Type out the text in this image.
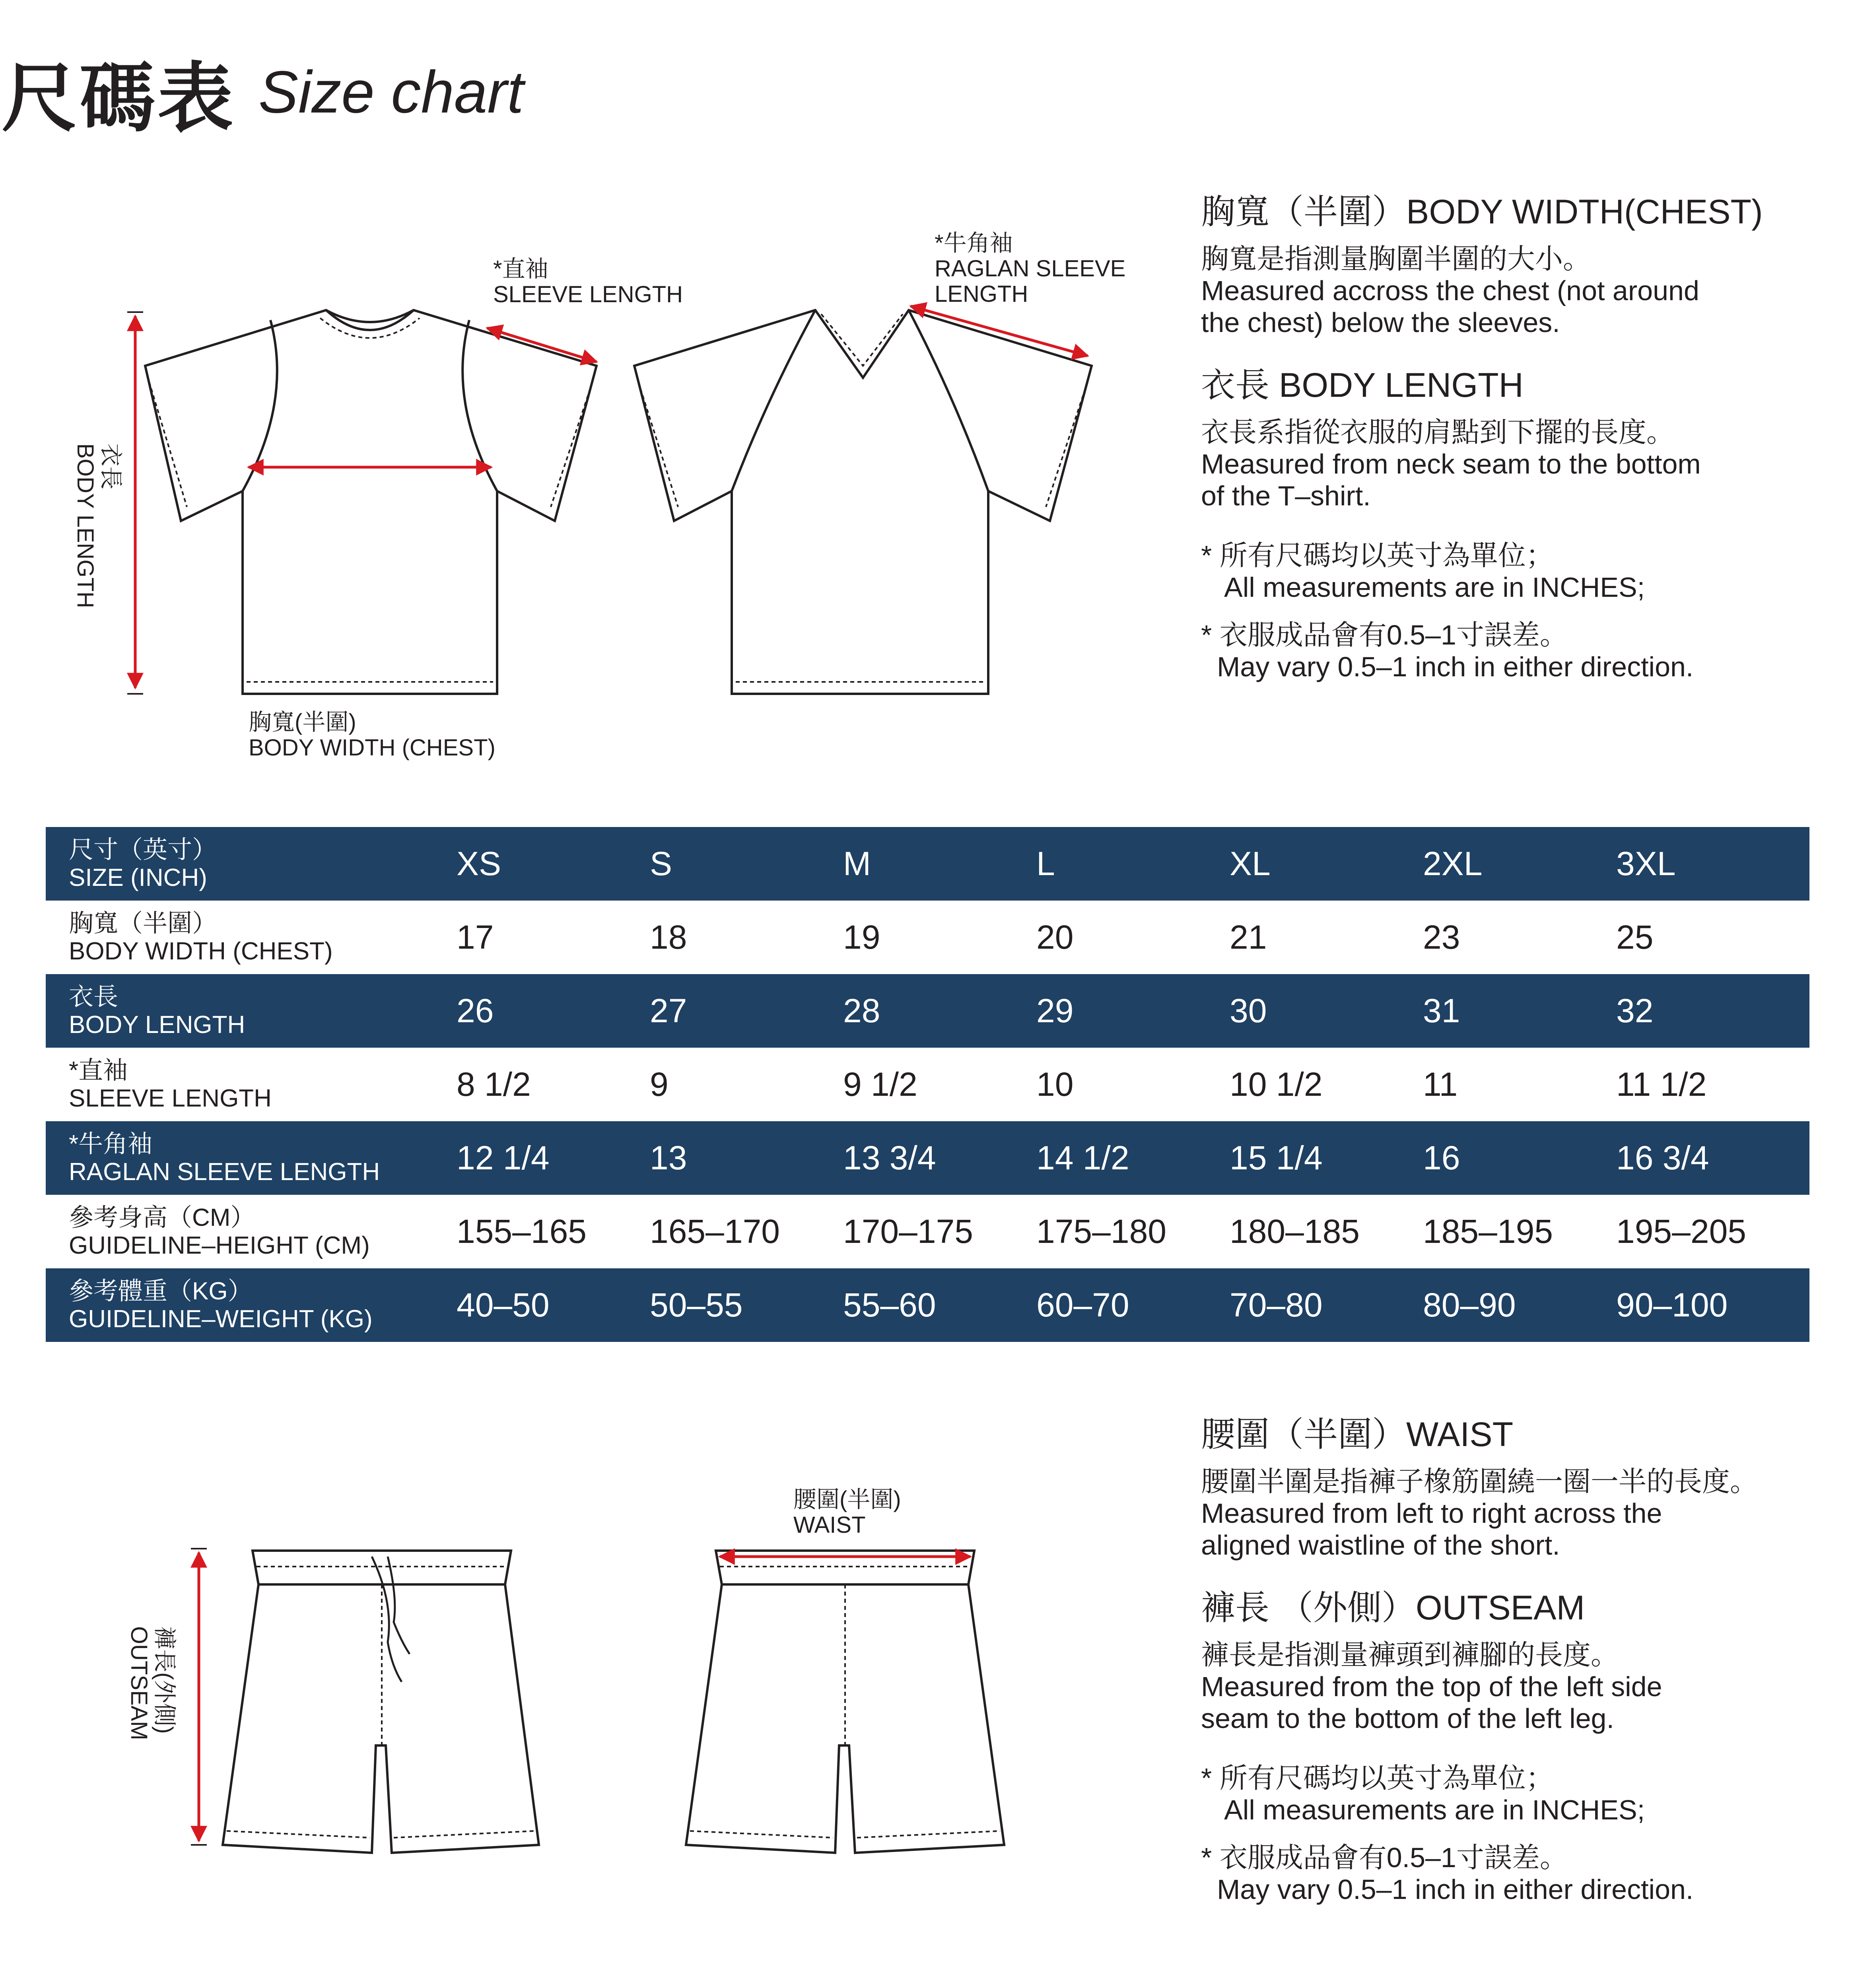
尺碼表 Size chart
*直袖
SLEEVE LENGTH
*牛角袖
RAGLAN SLEEVE
LENGTH
衣長
BODY LENGTH
胸寬(半圍)
BODY WIDTH (CHEST)
胸寬（半圍）BODY WIDTH(CHEST)

胸寬是指測量胸圍半圍的大小。
Measured accross the chest (not around
the chest) below the sleeves.

衣長 BODY LENGTH

衣長系指從衣服的肩點到下擺的長度。
Measured from neck seam to the bottom
of the T–shirt.

* 所有尺碼均以英寸為單位；
All measurements are in INCHES;
* 衣服成品會有0.5–1寸誤差。
May vary 0.5–1 inch in either direction.
尺寸（英寸）
SIZE (INCH)	XS	S	M	L	XL	2XL	3XL

胸寬（半圍）
BODY WIDTH (CHEST)	17	18	19	20	21	23	25

衣長
BODY LENGTH	26	27	28	29	30	31	32

*直袖
SLEEVE LENGTH	8 1/2	9	9 1/2	10	10 1/2	11	11 1/2

*牛角袖
RAGLAN SLEEVE LENGTH	12 1/4	13	13 3/4	14 1/2	15 1/4	16	16 3/4

參考身高（CM）
GUIDELINE–HEIGHT (CM)	155–165	165–170	170–175	175–180	180–185	185–195	195–205

參考體重（KG）
GUIDELINE–WEIGHT (KG)	40–50	50–55	55–60	60–70	70–80	80–90	90–100
腰圍(半圍)
WAIST
褲長(外側)
OUTSEAM
腰圍（半圍）WAIST

腰圍半圍是指褲子橡筋圍繞一圈一半的長度。
Measured from left to right across the
aligned waistline of the short.

褲長 （外側）OUTSEAM

褲長是指測量褲頭到褲腳的長度。
Measured from the top of the left side
seam to the bottom of the left leg.

* 所有尺碼均以英寸為單位；
All measurements are in INCHES;
* 衣服成品會有0.5–1寸誤差。
May vary 0.5–1 inch in either direction.
